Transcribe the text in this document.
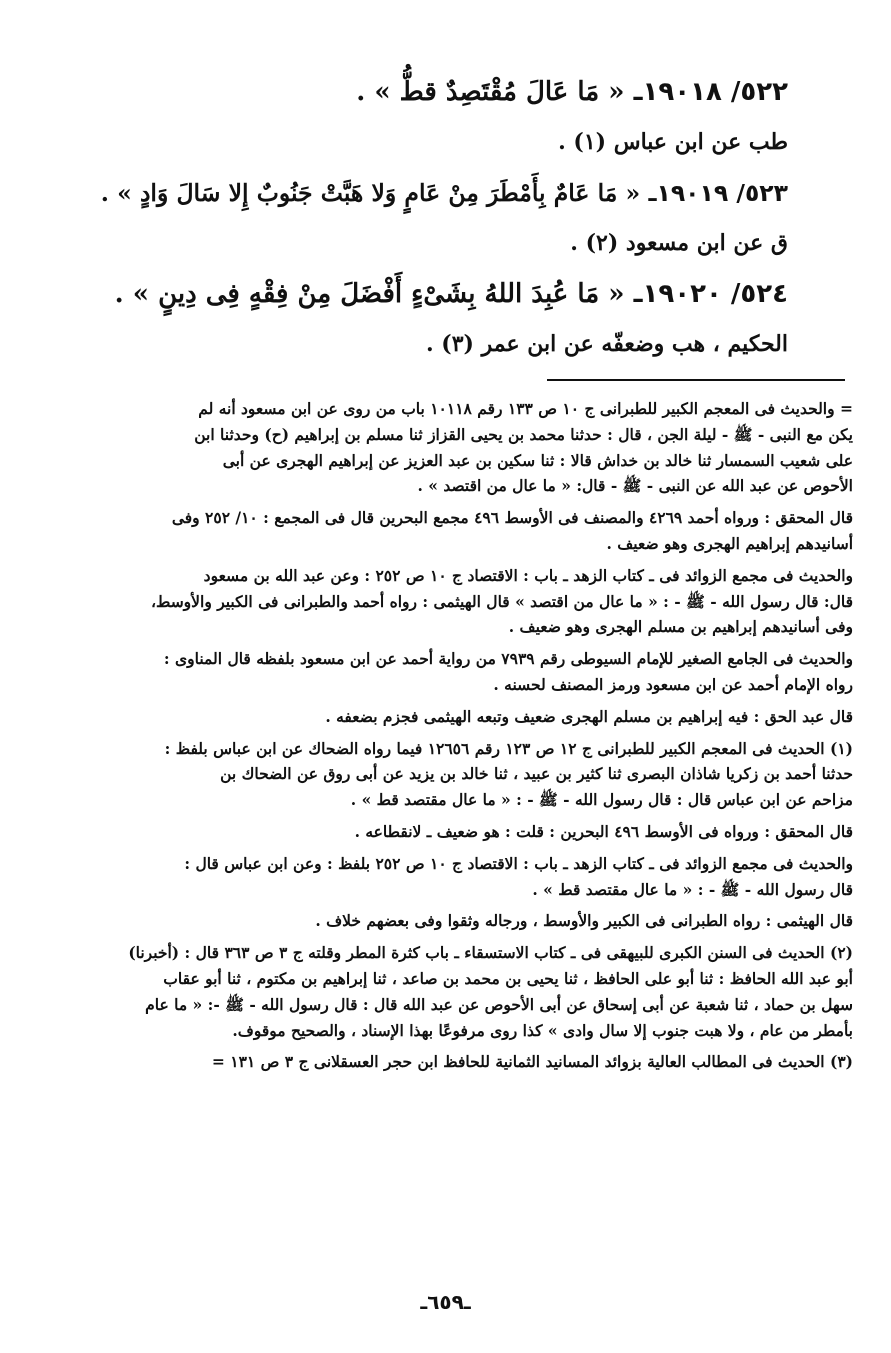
٥٢٢/ ١٩٠١٨ـ « مَا عَالَ مُقْتَصِدٌ قطُّ » .

طب عن ابن عباس (١) .

٥٢٣/ ١٩٠١٩ـ « مَا عَامٌ بِأَمْطَرَ مِنْ عَامٍ وَلا هَبَّتْ جَنُوبٌ إِلا سَالَ وَادٍ » .

ق عن ابن مسعود (٢) .

٥٢٤/ ١٩٠٢٠ـ « مَا عُبِدَ اللهُ بِشَىْءٍ أَفْضَلَ مِنْ فِقْهٍ فِى دِينٍ » .

الحكيم ، هب وضعفّه عن ابن عمر (٣) .

= والحديث فى المعجم الكبير للطبرانى ج ١٠ ص ١٣٣ رقم ١٠١١٨ باب من روى عن ابن مسعود أنه لم
يكن مع النبى - ﷺ - ليلة الجن ، قال : حدثنا محمد بن يحيى القزاز ثنا مسلم بن إبراهيم (ح) وحدثنا ابن
على شعيب السمسار ثنا خالد بن خداش قالا : ثنا سكين بن عبد العزيز عن إبراهيم الهجرى عن أبى
الأحوص عن عبد الله عن النبى - ﷺ - قال: « ما عال من اقتصد » .

قال المحقق : ورواه أحمد ٤٢٦٩ والمصنف فى الأوسط ٤٩٦ مجمع البحرين قال فى المجمع : ١٠/ ٢٥٢ وفى
أسانيدهم إبراهيم الهجرى وهو ضعيف .

والحديث فى مجمع الزوائد فى ـ كتاب الزهد ـ باب : الاقتصاد ج ١٠ ص ٢٥٢ : وعن عبد الله بن مسعود
قال: قال رسول الله - ﷺ - : « ما عال من اقتصد » قال الهيثمى : رواه أحمد والطبرانى فى الكبير والأوسط،
وفى أسانيدهم إبراهيم بن مسلم الهجرى وهو ضعيف .

والحديث فى الجامع الصغير للإمام السيوطى رقم ٧٩٣٩ من رواية أحمد عن ابن مسعود بلفظه قال المناوى :
رواه الإمام أحمد عن ابن مسعود ورمز المصنف لحسنه .

قال عبد الحق : فيه إبراهيم بن مسلم الهجرى ضعيف وتبعه الهيثمى فجزم بضعفه .

(١) الحديث فى المعجم الكبير للطبرانى ج ١٢ ص ١٢٣ رقم ١٢٦٥٦ فيما رواه الضحاك عن ابن عباس بلفظ :
حدثنا أحمد بن زكريا شاذان البصرى ثنا كثير بن عبيد ، ثنا خالد بن يزيد عن أبى روق عن الضحاك بن
مزاحم عن ابن عباس قال : قال رسول الله - ﷺ - : « ما عال مقتصد قط » .

قال المحقق : ورواه فى الأوسط ٤٩٦ البحرين : قلت : هو ضعيف ـ لانقطاعه .

والحديث فى مجمع الزوائد فى ـ كتاب الزهد ـ باب : الاقتصاد ج ١٠ ص ٢٥٢ بلفظ : وعن ابن عباس قال :
قال رسول الله - ﷺ - : « ما عال مقتصد قط » .

قال الهيثمى : رواه الطبرانى فى الكبير والأوسط ، ورجاله وثقوا وفى بعضهم خلاف .

(٢) الحديث فى السنن الكبرى للبيهقى فى ـ كتاب الاستسقاء ـ باب كثرة المطر وقلته ج ٣ ص ٣٦٣ قال : (أخبرنا)
أبو عبد الله الحافظ : ثنا أبو على الحافظ ، ثنا يحيى بن محمد بن صاعد ، ثنا إبراهيم بن مكتوم ، ثنا أبو عقاب
سهل بن حماد ، ثنا شعبة عن أبى إسحاق عن أبى الأحوص عن عبد الله قال : قال رسول الله - ﷺ -: « ما عام
بأمطر من عام ، ولا هبت جنوب إلا سال وادى » كذا روى مرفوعًا بهذا الإسناد ، والصحيح موقوف.

(٣) الحديث فى المطالب العالية بزوائد المسانيد الثمانية للحافظ ابن حجر العسقلانى ج ٣ ص ١٣١ =

ـ٦٥٩ـ
